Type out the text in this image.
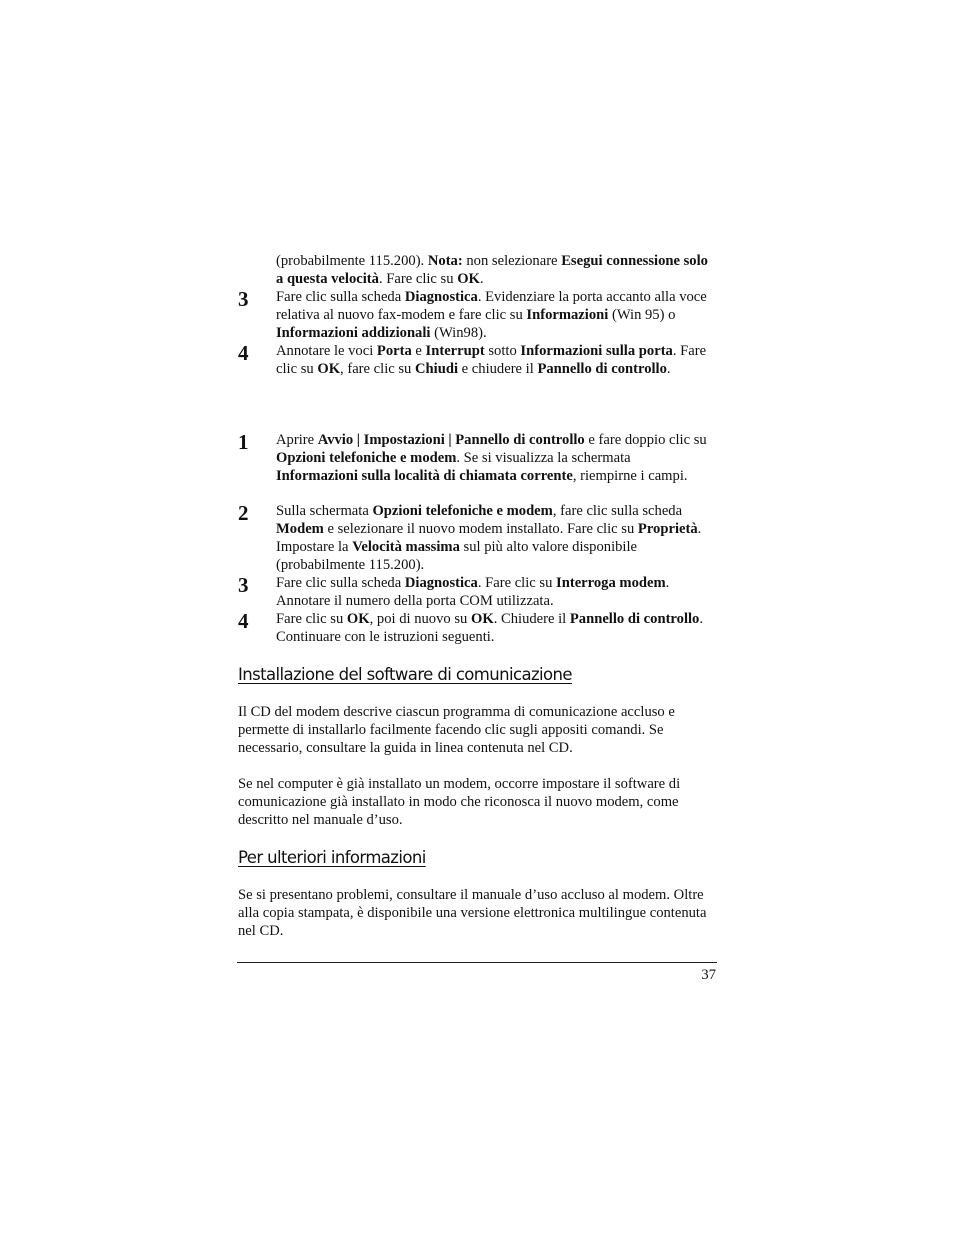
(probabilmente 115.200). Nota: non selezionare Esegui connessione solo a questa velocità. Fare clic su OK.
3 Fare clic sulla scheda Diagnostica. Evidenziare la porta accanto alla voce relativa al nuovo fax-modem e fare clic su Informazioni (Win 95) o Informazioni addizionali (Win98).
4 Annotare le voci Porta e Interrupt sotto Informazioni sulla porta. Fare clic su OK, fare clic su Chiudi e chiudere il Pannello di controllo.
1 Aprire Avvio | Impostazioni | Pannello di controllo e fare doppio clic su Opzioni telefoniche e modem. Se si visualizza la schermata Informazioni sulla località di chiamata corrente, riempirne i campi.
2 Sulla schermata Opzioni telefoniche e modem, fare clic sulla scheda Modem e selezionare il nuovo modem installato. Fare clic su Proprietà. Impostare la Velocità massima sul più alto valore disponibile (probabilmente 115.200).
3 Fare clic sulla scheda Diagnostica. Fare clic su Interroga modem. Annotare il numero della porta COM utilizzata.
4 Fare clic su OK, poi di nuovo su OK. Chiudere il Pannello di controllo. Continuare con le istruzioni seguenti.
Installazione del software di comunicazione
Il CD del modem descrive ciascun programma di comunicazione accluso e permette di installarlo facilmente facendo clic sugli appositi comandi. Se necessario, consultare la guida in linea contenuta nel CD.
Se nel computer è già installato un modem, occorre impostare il software di comunicazione già installato in modo che riconosca il nuovo modem, come descritto nel manuale d’uso.
Per ulteriori informazioni
Se si presentano problemi, consultare il manuale d’uso accluso al modem. Oltre alla copia stampata, è disponibile una versione elettronica multilingue contenuta nel CD.
37
